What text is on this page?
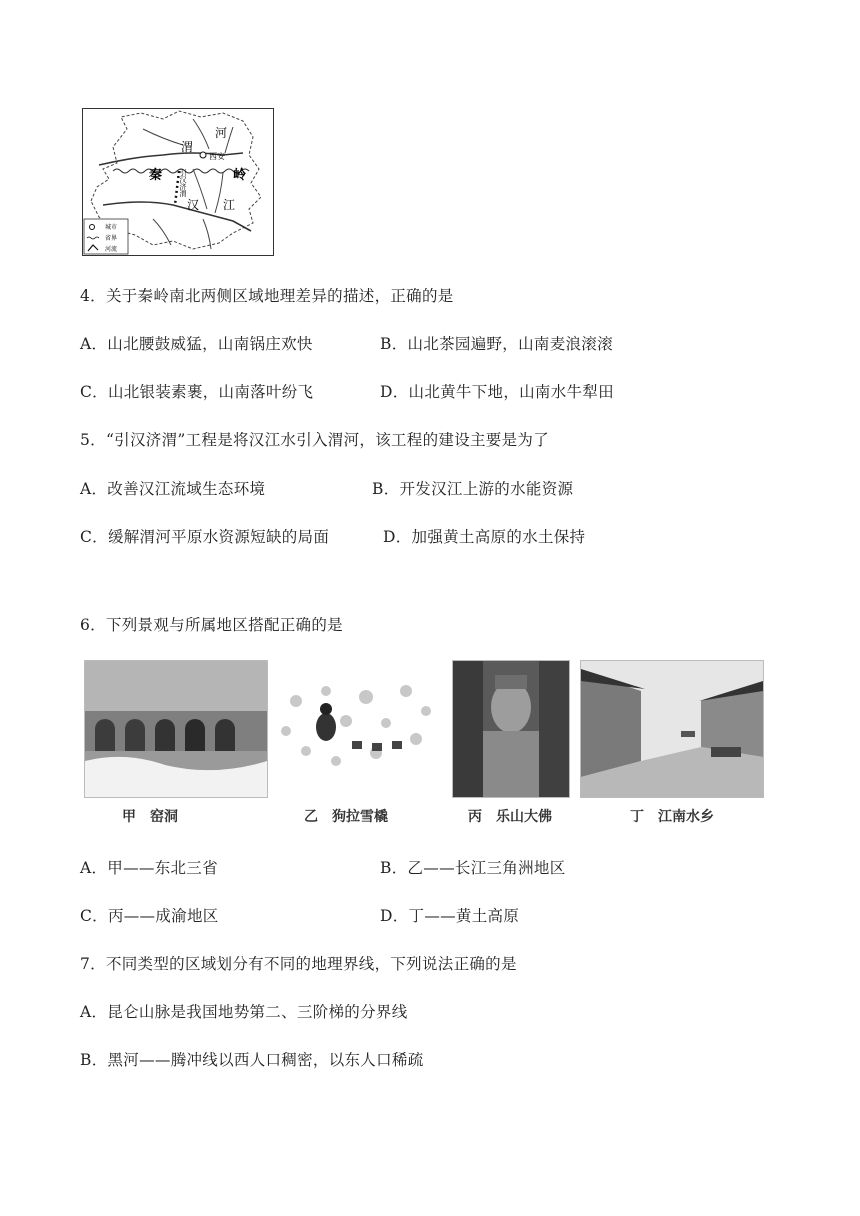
河
渭
西安
秦	岭
汉 江
引汉济渭
城市
省界
河流
4．关于秦岭南北两侧区域地理差异的描述，正确的是
A．山北腰鼓威猛，山南锅庄欢快	B．山北茶园遍野，山南麦浪滚滚
C．山北银装素裹，山南落叶纷飞	D．山北黄牛下地，山南水牛犁田
5．“引汉济渭”工程是将汉江水引入渭河，该工程的建设主要是为了
A．改善汉江流域生态环境	B．开发汉江上游的水能资源
C．缓解渭河平原水资源短缺的局面	D．加强黄土高原的水土保持
6．下列景观与所属地区搭配正确的是
甲　窑洞	乙　狗拉雪橇	丙　乐山大佛	丁　江南水乡
A．甲——东北三省	B．乙——长江三角洲地区
C．丙——成渝地区	D．丁——黄土高原
7．不同类型的区域划分有不同的地理界线，下列说法正确的是
A．昆仑山脉是我国地势第二、三阶梯的分界线
B．黑河——腾冲线以西人口稠密，以东人口稀疏
